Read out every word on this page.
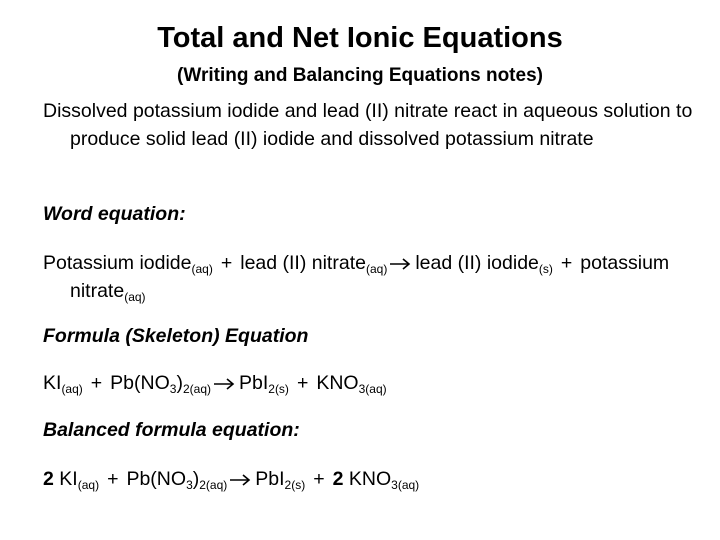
Total and Net Ionic Equations
(Writing and Balancing Equations notes)
Dissolved potassium iodide and lead (II) nitrate react in aqueous solution to produce solid lead (II) iodide and dissolved potassium nitrate
Word equation:
Potassium iodide$_{(aq)}$ + lead (II) nitrate$_{(aq)}$ lead (II) iodide$_{(s)}$ + potassium nitrate$_{(aq)}$
Formula (Skeleton) Equation
$KI_{(aq)} + Pb(NO_3)_{2(aq)}$ $PbI_{2(s)} + KNO_{3(aq)}$
Balanced formula equation:
2 $KI_{(aq)} + Pb(NO_3)_{2(aq)}$ PbI$_{2(s)}$ + 2 $KNO_{3(aq)}$
